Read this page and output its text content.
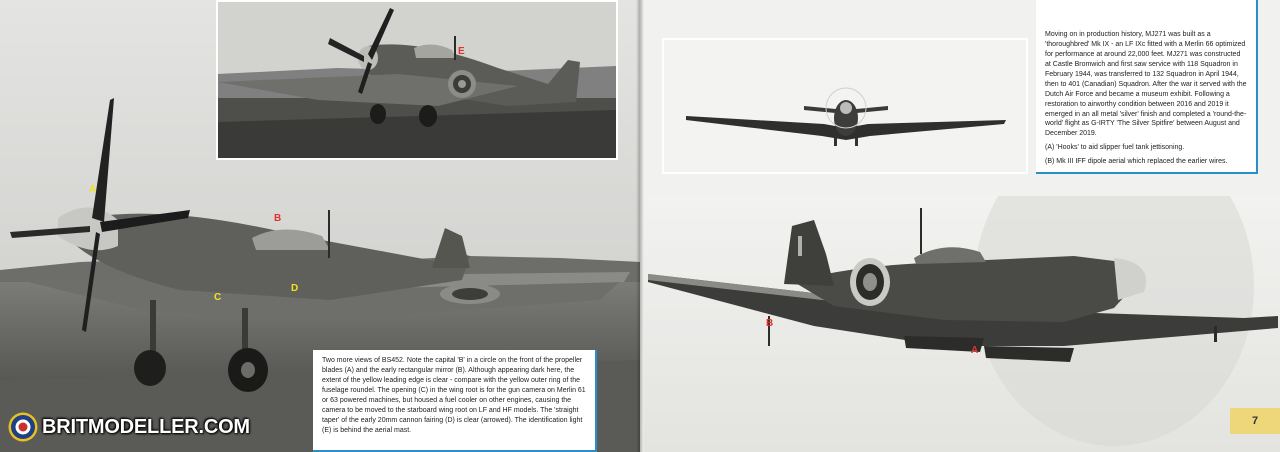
A
B
C
D

Two more views of BS452. Note the capital 'B' in a circle on the front of the propeller blades (A) and the early rectangular mirror (B). Although appearing dark here, the extent of the yellow leading edge is clear - compare with the yellow outer ring of the fuselage roundel. The opening (C) in the wing root is for the gun camera on Merlin 61 or 63 powered machines, but housed a fuel cooler on other engines, causing the camera to be moved to the starboard wing root on LF and HF models. The 'straight taper' of the early 20mm cannon fairing (D) is clear (arrowed). The identification light (E) is behind the aerial mast.

BRITMODELLER.COM
E
B
A

Moving on in production history, MJ271 was built as a 'thoroughbred' Mk IX - an LF IXc fitted with a Merlin 66 optimized for performance at around 22,000 feet. MJ271 was constructed at Castle Bromwich and first saw service with 118 Squadron in February 1944, was transferred to 132 Squadron in April 1944, then to 401 (Canadian) Squadron. After the war it served with the Dutch Air Force and became a museum exhibit. Following a restoration to airworthy condition between 2016 and 2019 it emerged in an all metal 'silver' finish and completed a 'round-the-world' flight as G-IRTY 'The Silver Spitfire' between August and December 2019.

(A) 'Hooks' to aid slipper fuel tank jettisoning.

(B) Mk III IFF dipole aerial which replaced the earlier wires.

7
